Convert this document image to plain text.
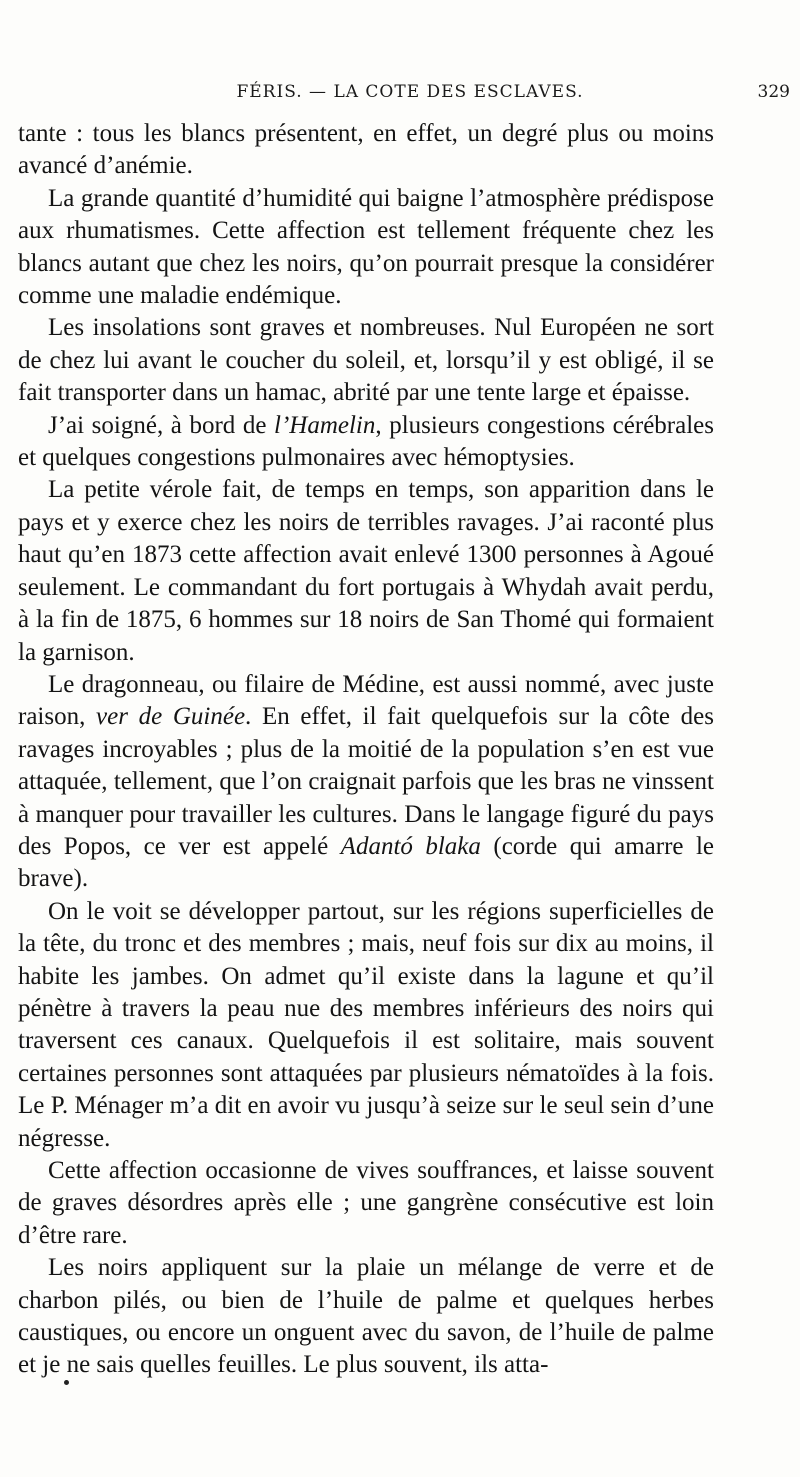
FÉRIS. — LA COTE DES ESCLAVES.	329

tante : tous les blancs présentent, en effet, un degré plus ou moins avancé d’anémie.

La grande quantité d’humidité qui baigne l’atmosphère prédispose aux rhumatismes. Cette affection est tellement fréquente chez les blancs autant que chez les noirs, qu’on pourrait presque la considérer comme une maladie endémique.

Les insolations sont graves et nombreuses. Nul Européen ne sort de chez lui avant le coucher du soleil, et, lorsqu’il y est obligé, il se fait transporter dans un hamac, abrité par une tente large et épaisse.

J’ai soigné, à bord de l’Hamelin, plusieurs congestions cérébrales et quelques congestions pulmonaires avec hémoptysies.

La petite vérole fait, de temps en temps, son apparition dans le pays et y exerce chez les noirs de terribles ravages. J’ai raconté plus haut qu’en 1873 cette affection avait enlevé 1300 personnes à Agoué seulement. Le commandant du fort portugais à Whydah avait perdu, à la fin de 1875, 6 hommes sur 18 noirs de San Thomé qui formaient la garnison.

Le dragonneau, ou filaire de Médine, est aussi nommé, avec juste raison, ver de Guinée. En effet, il fait quelquefois sur la côte des ravages incroyables ; plus de la moitié de la population s’en est vue attaquée, tellement, que l’on craignait parfois que les bras ne vinssent à manquer pour travailler les cultures. Dans le langage figuré du pays des Popos, ce ver est appelé Adantó blaka (corde qui amarre le brave).

On le voit se développer partout, sur les régions superficielles de la tête, du tronc et des membres ; mais, neuf fois sur dix au moins, il habite les jambes. On admet qu’il existe dans la lagune et qu’il pénètre à travers la peau nue des membres inférieurs des noirs qui traversent ces canaux. Quelquefois il est solitaire, mais souvent certaines personnes sont attaquées par plusieurs nématoïdes à la fois. Le P. Ménager m’a dit en avoir vu jusqu’à seize sur le seul sein d’une négresse.

Cette affection occasionne de vives souffrances, et laisse souvent de graves désordres après elle ; une gangrène consécutive est loin d’être rare.

Les noirs appliquent sur la plaie un mélange de verre et de charbon pilés, ou bien de l’huile de palme et quelques herbes caustiques, ou encore un onguent avec du savon, de l’huile de palme et je ne sais quelles feuilles. Le plus souvent, ils atta-
